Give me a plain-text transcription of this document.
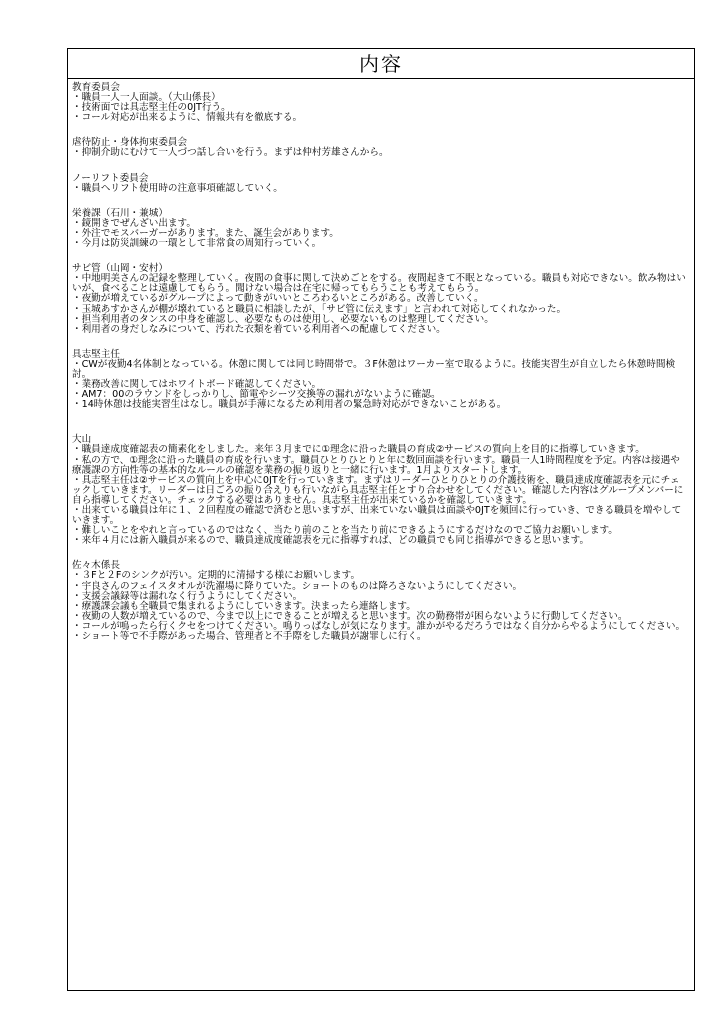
内容
教育委員会
・職員一人一人面談。（大山係長）
・技術面では具志堅主任の0JT行う。
・コール対応が出来るように、情報共有を徹底する。
虐待防止・身体拘束委員会
・抑制介助にむけて一人づつ話し合いを行う。まずは仲村芳雄さんから。
ノーリフト委員会
・職員ヘリフト使用時の注意事項確認していく。
栄養課（石川・兼城）
・鏡開きでぜんざい出ます。
・外注でモスバーガーがあります。また、誕生会があります。
・今月は防災訓練の一環として非常食の周知行っていく。
サビ管（山岡・安村）
・中地明美さんの記録を整理していく。夜間の食事に関して決めごとをする。夜間起きて不眠となっている。職員も対応できない。飲み物はいいが、食べることは遠慮してもらう。聞けない場合は在宅に帰ってもらうことも考えてもらう。
・夜勤が増えているがグループによって動きがいいところわるいところがある。改善していく。
・玉城あすかさんが棚が壊れていると職員に相談したが、「サビ管に伝えます」と言われて対応してくれなかった。
・担当利用者のタンスの中身を確認し、必要なものは使用し、必要ないものは整理してください。
・利用者の身だしなみについて、汚れた衣類を着ている利用者への配慮してください。
具志堅主任
・CWが夜勤4名体制となっている。休憩に関しては同じ時間帯で。３F休憩はワーカー室で取るように。技能実習生が自立したら休憩時間検討。
・業務改善に関してはホワイトボード確認してください。
・AM7：00のラウンドをしっかりし、節電やシーツ交換等の漏れがないように確認。
・14時休憩は技能実習生はなし。職員が手薄になるため利用者の緊急時対応ができないことがある。
大山
・職員達成度確認表の簡素化をしました。来年３月までに①理念に沿った職員の育成②サービスの質向上を目的に指導していきます。
・私の方で、①理念に沿った職員の育成を行います。職員ひとりひとりと年に数回面談を行います。職員一人1時間程度を予定。内容は接遇や療護課の方向性等の基本的なルールの確認を業務の振り返りと一緒に行います。1月よりスタートします。
・具志堅主任は②サービスの質向上を中心に0JTを行っていきます。まずはリーダーひとりひとりの介護技術を、職員達成度確認表を元にチェックしていきます。リーダーは日ごろの振り合えりも行いながら具志堅主任とすり合わせをしてください。確認した内容はグループメンバーに自ら指導してください。チェックする必要はありません。具志堅主任が出来ているかを確認していきます。
・出来ている職員は年に１、２回程度の確認で済むと思いますが、出来ていない職員は面談や0JTを頻回に行っていき、できる職員を増やしていきます。
・難しいことをやれと言っているのではなく、当たり前のことを当たり前にできるようにするだけなのでご協力お願いします。
・来年４月には新入職員が来るので、職員達成度確認表を元に指導すれば、どの職員でも同じ指導ができると思います。
佐々木係長
・３Fと２Fのシンクが汚い。定期的に清掃する様にお願いします。
・宇良さんのフェイスタオルが洗濯場に降りていた。ショートのものは降ろさないようにしてください。
・支援会議録等は漏れなく行うようにしてください。
・療護課会議も全職員で集まれるようにしていきます。決まったら連絡します。
・夜勤の人数が増えているので、今まで以上にできることが増えると思います。次の勤務帯が困らないように行動してください。
・コールが鳴ったら行くクセをつけてください。鳴りっぱなしが気になります。誰かがやるだろうではなく自分からやるようにしてください。
・ショート等で不手際があった場合、管理者と不手際をした職員が謝罪しに行く。
